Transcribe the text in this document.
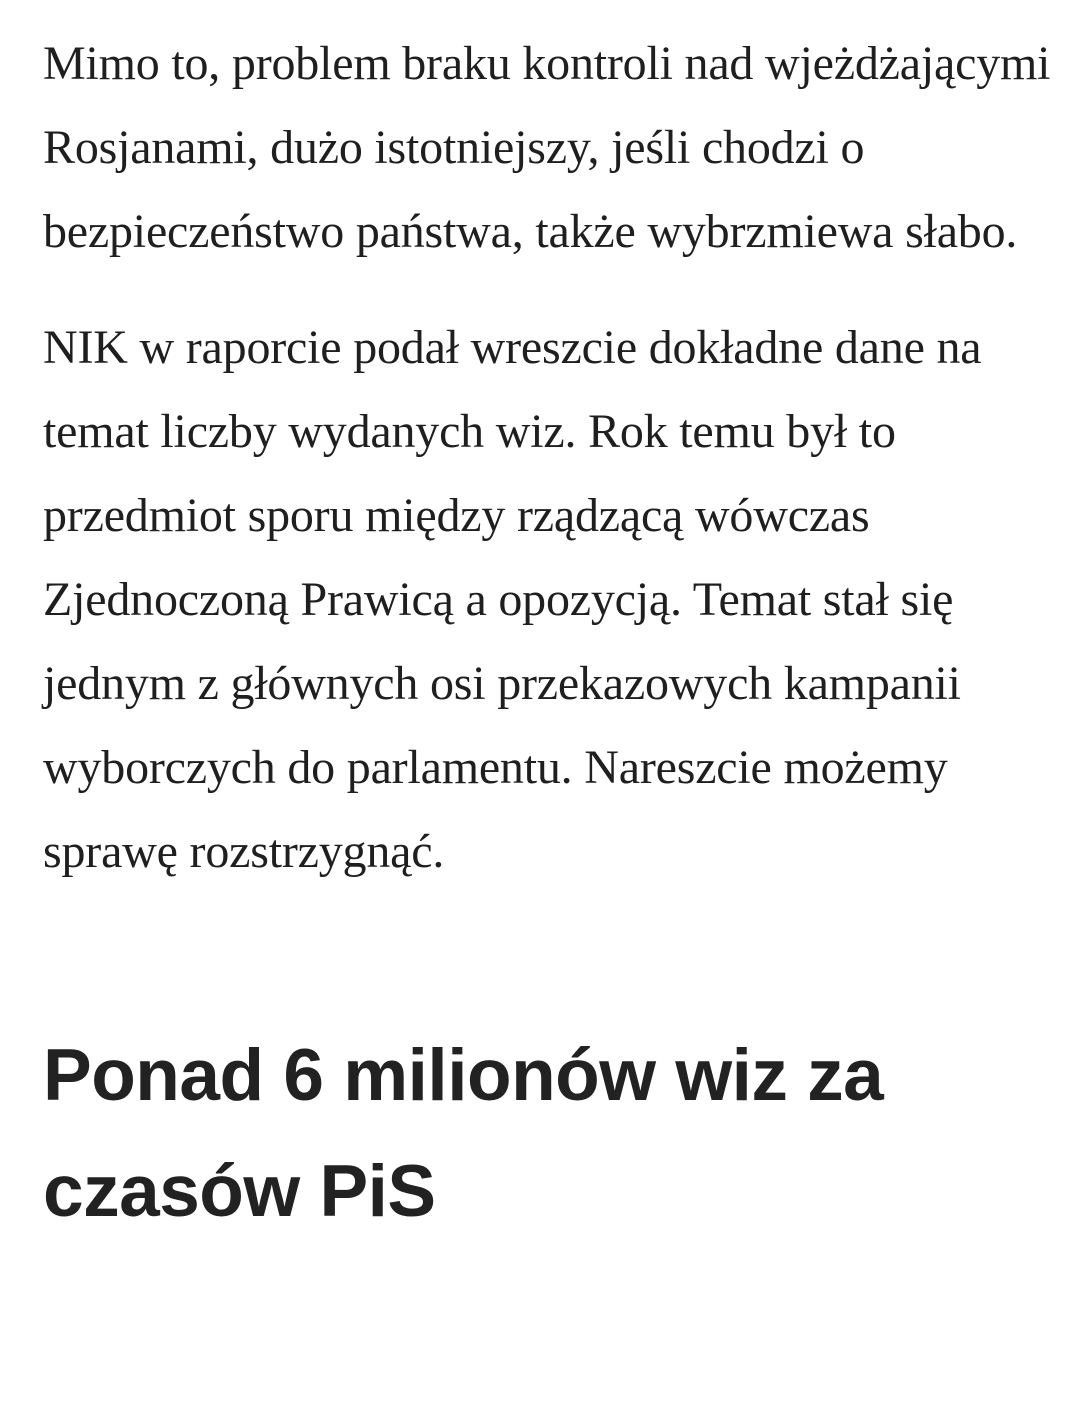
Mimo to, problem braku kontroli nad wjeżdżającymi Rosjanami, dużo istotniejszy, jeśli chodzi o bezpieczeństwo państwa, także wybrzmiewa słabo.

NIK w raporcie podał wreszcie dokładne dane na temat liczby wydanych wiz. Rok temu był to przedmiot sporu między rządzącą wówczas Zjednoczoną Prawicą a opozycją. Temat stał się jednym z głównych osi przekazowych kampanii wyborczych do parlamentu. Nareszcie możemy sprawę rozstrzygnąć.

Ponad 6 milionów wiz za czasów PiS
